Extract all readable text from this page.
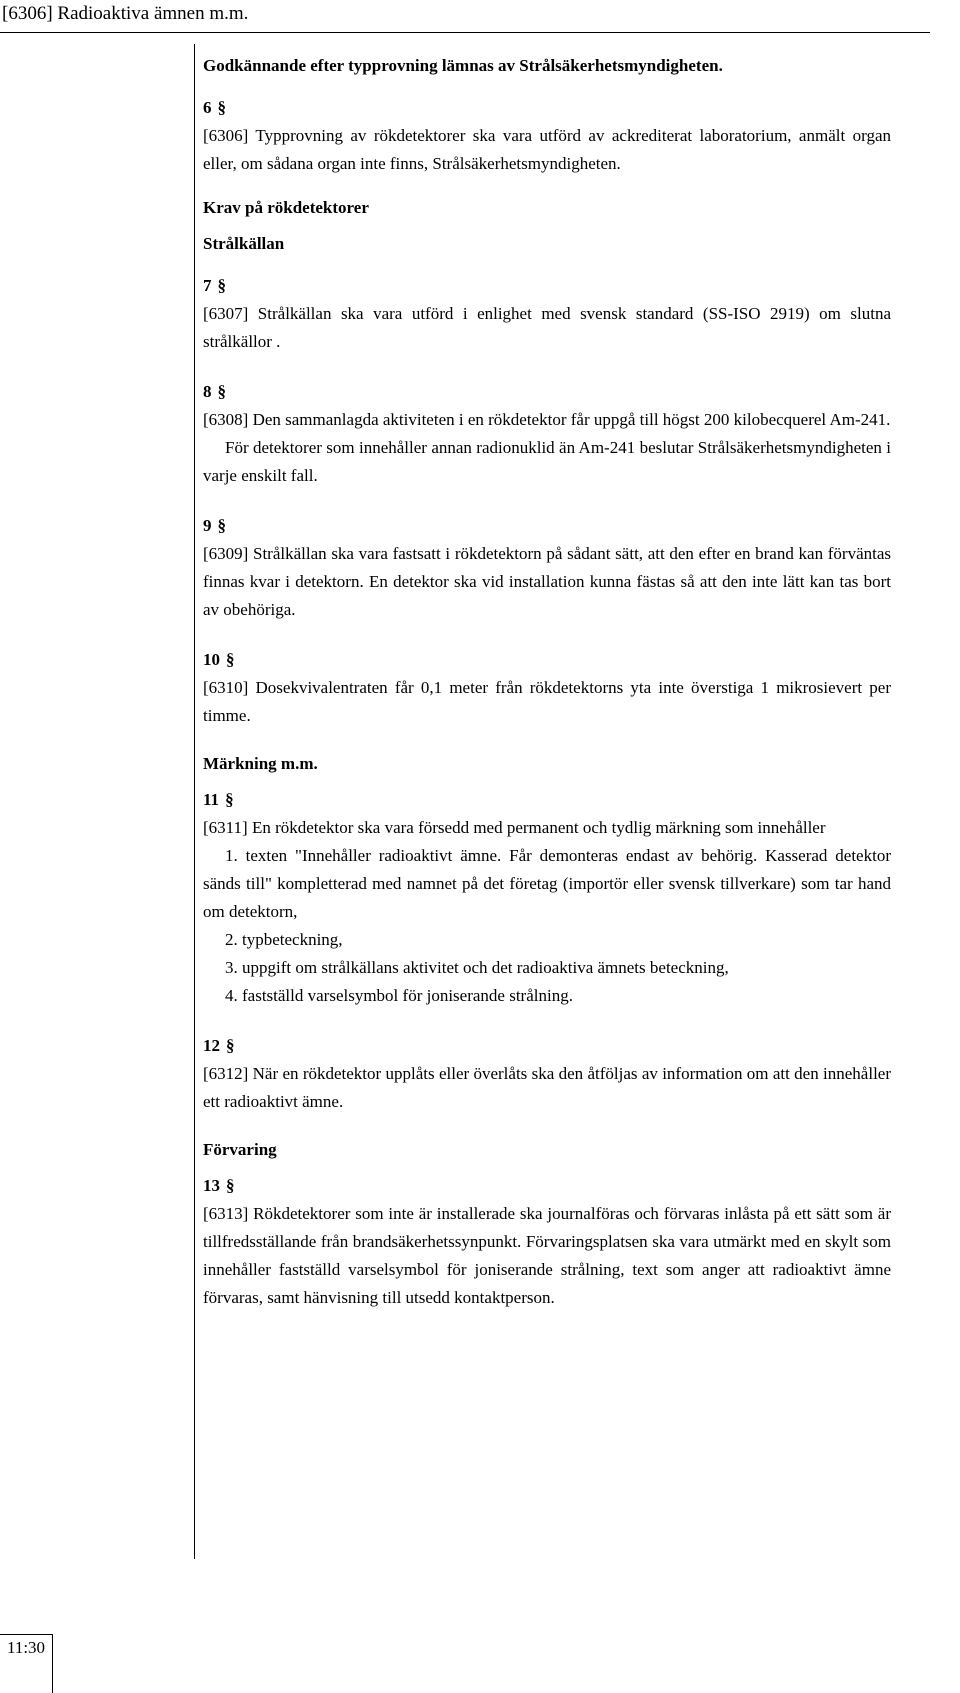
[6306] Radioaktiva ämnen m.m.

Godkännande efter typprovning lämnas av Strålsäkerhetsmyndigheten.

6 §

[6306] Typprovning av rökdetektorer ska vara utförd av ackrediterat laboratorium, anmält organ eller, om sådana organ inte finns, Strålsäkerhetsmyndigheten.

Krav på rökdetektorer

Strålkällan

7 §

[6307] Strålkällan ska vara utförd i enlighet med svensk standard (SS-ISO 2919) om slutna strålkällor .

8 §

[6308] Den sammanlagda aktiviteten i en rökdetektor får uppgå till högst 200 kilobecquerel Am-241.

För detektorer som innehåller annan radionuklid än Am-241 beslutar Strålsäkerhetsmyndigheten i varje enskilt fall.

9 §

[6309] Strålkällan ska vara fastsatt i rökdetektorn på sådant sätt, att den efter en brand kan förväntas finnas kvar i detektorn. En detektor ska vid installation kunna fästas så att den inte lätt kan tas bort av obehöriga.

10 §

[6310] Dosekvivalentraten får 0,1 meter från rökdetektorns yta inte överstiga 1 mikrosievert per timme.

Märkning m.m.

11 §

[6311] En rökdetektor ska vara försedd med permanent och tydlig märkning som innehåller

1. texten "Innehåller radioaktivt ämne. Får demonteras endast av behörig. Kasserad detektor sänds till" kompletterad med namnet på det företag (importör eller svensk tillverkare) som tar hand om detektorn,

2. typbeteckning,

3. uppgift om strålkällans aktivitet och det radioaktiva ämnets beteckning,

4. fastställd varselsymbol för joniserande strålning.

12 §

[6312] När en rökdetektor upplåts eller överlåts ska den åtföljas av information om att den innehåller ett radioaktivt ämne.

Förvaring

13 §

[6313] Rökdetektorer som inte är installerade ska journalföras och förvaras inlåsta på ett sätt som är tillfredsställande från brandsäkerhetssynpunkt. Förvaringsplatsen ska vara utmärkt med en skylt som innehåller fastställd varselsymbol för joniserande strålning, text som anger att radioaktivt ämne förvaras, samt hänvisning till utsedd kontaktperson.

11:30
